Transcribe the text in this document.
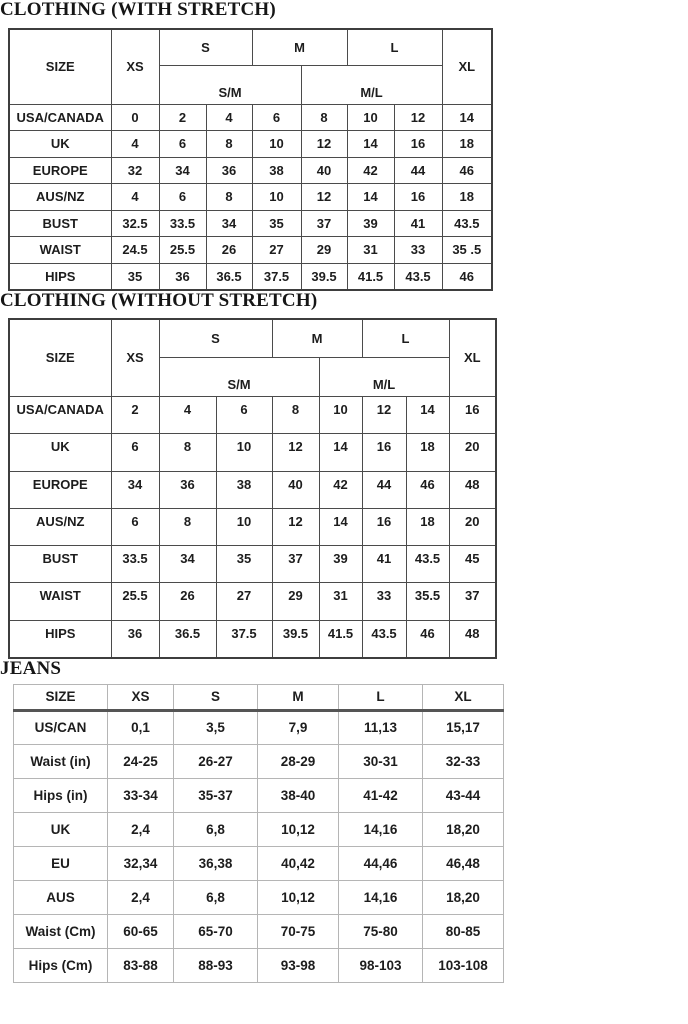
CLOTHING (WITH STRETCH)
SIZE	XS	S		M		L		XL
		S/M			M/L			
USA/CANADA	0	2	4	6	8	10	12	14
UK	4	6	8	10	12	14	16	18
EUROPE	32	34	36	38	40	42	44	46
AUS/NZ	4	6	8	10	12	14	16	18
BUST	32.5	33.5	34	35	37	39	41	43.5
WAIST	24.5	25.5	26	27	29	31	33	35 .5
HIPS	35	36	36.5	37.5	39.5	41.5	43.5	46
CLOTHING (WITHOUT STRETCH)
SIZE	XS	S		M		L		XL
		S/M			M/L			
USA/CANADA	2	4	6	8	10	12	14	16
UK	6	8	10	12	14	16	18	20
EUROPE	34	36	38	40	42	44	46	48
AUS/NZ	6	8	10	12	14	16	18	20
BUST	33.5	34	35	37	39	41	43.5	45
WAIST	25.5	26	27	29	31	33	35.5	37
HIPS	36	36.5	37.5	39.5	41.5	43.5	46	48
JEANS
SIZE	XS	S	M	L	XL
US/CAN	0,1	3,5	7,9	11,13	15,17
Waist (in)	24-25	26-27	28-29	30-31	32-33
Hips (in)	33-34	35-37	38-40	41-42	43-44
UK	2,4	6,8	10,12	14,16	18,20
EU	32,34	36,38	40,42	44,46	46,48
AUS	2,4	6,8	10,12	14,16	18,20
Waist (Cm)	60-65	65-70	70-75	75-80	80-85
Hips (Cm)	83-88	88-93	93-98	98-103	103-108
